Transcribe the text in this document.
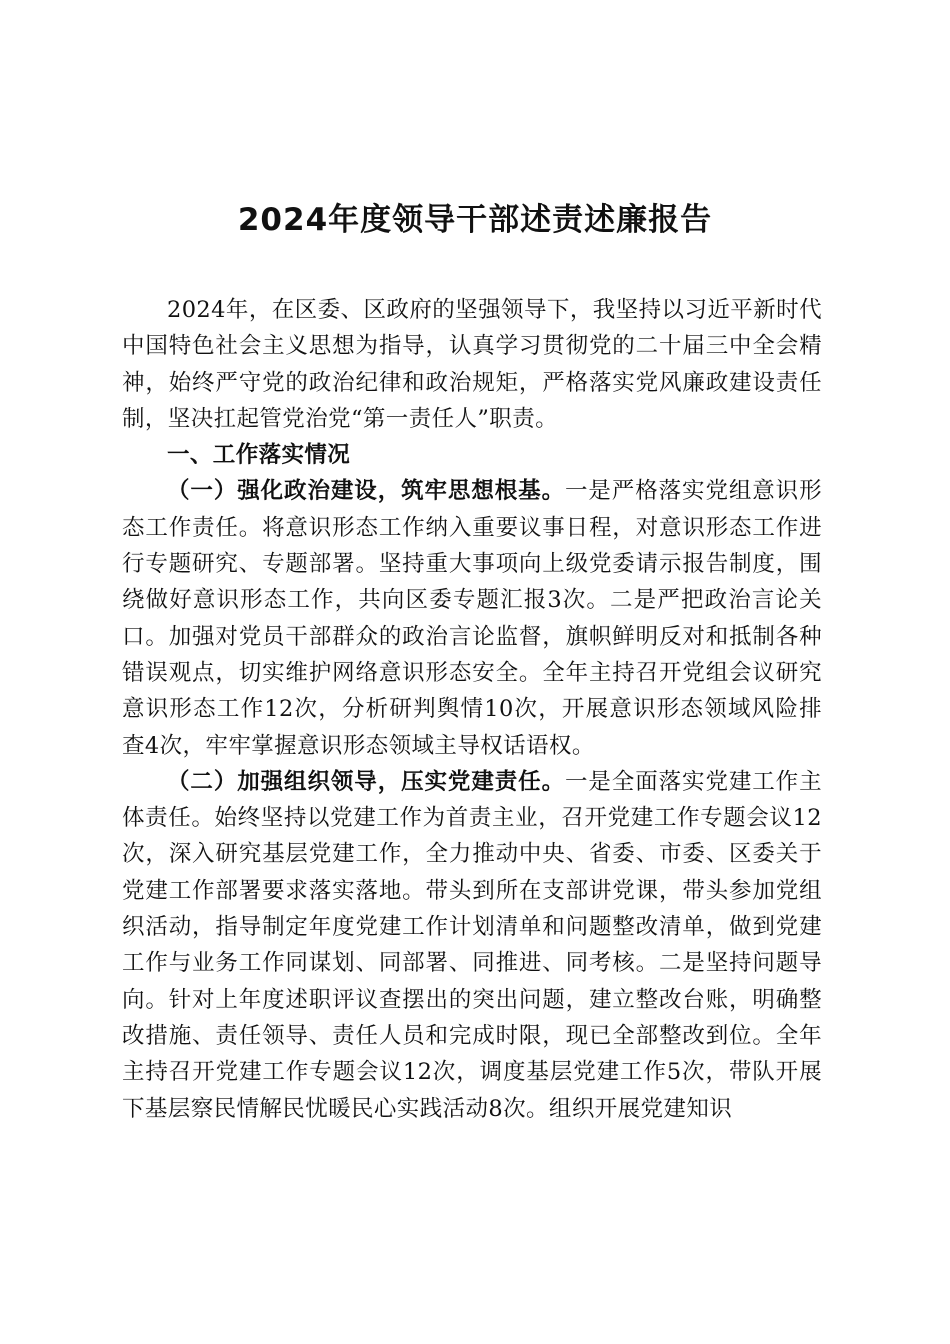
2024年度领导干部述责述廉报告

2024年，在区委、区政府的坚强领导下，我坚持以习近平新时代中国特色社会主义思想为指导，认真学习贯彻党的二十届三中全会精神，始终严守党的政治纪律和政治规矩，严格落实党风廉政建设责任制，坚决扛起管党治党“第一责任人”职责。

一、工作落实情况

（一）强化政治建设，筑牢思想根基。一是严格落实党组意识形态工作责任。将意识形态工作纳入重要议事日程，对意识形态工作进行专题研究、专题部署。坚持重大事项向上级党委请示报告制度，围绕做好意识形态工作，共向区委专题汇报3次。二是严把政治言论关口。加强对党员干部群众的政治言论监督，旗帜鲜明反对和抵制各种错误观点，切实维护网络意识形态安全。全年主持召开党组会议研究意识形态工作12次，分析研判舆情10次，开展意识形态领域风险排查4次，牢牢掌握意识形态领域主导权话语权。

（二）加强组织领导，压实党建责任。一是全面落实党建工作主体责任。始终坚持以党建工作为首责主业，召开党建工作专题会议12次，深入研究基层党建工作，全力推动中央、省委、市委、区委关于党建工作部署要求落实落地。带头到所在支部讲党课，带头参加党组织活动，指导制定年度党建工作计划清单和问题整改清单，做到党建工作与业务工作同谋划、同部署、同推进、同考核。二是坚持问题导向。针对上年度述职评议查摆出的突出问题，建立整改台账，明确整改措施、责任领导、责任人员和完成时限，现已全部整改到位。全年主持召开党建工作专题会议12次，调度基层党建工作5次，带队开展下基层察民情解民忧暖民心实践活动8次。组织开展党建知识
